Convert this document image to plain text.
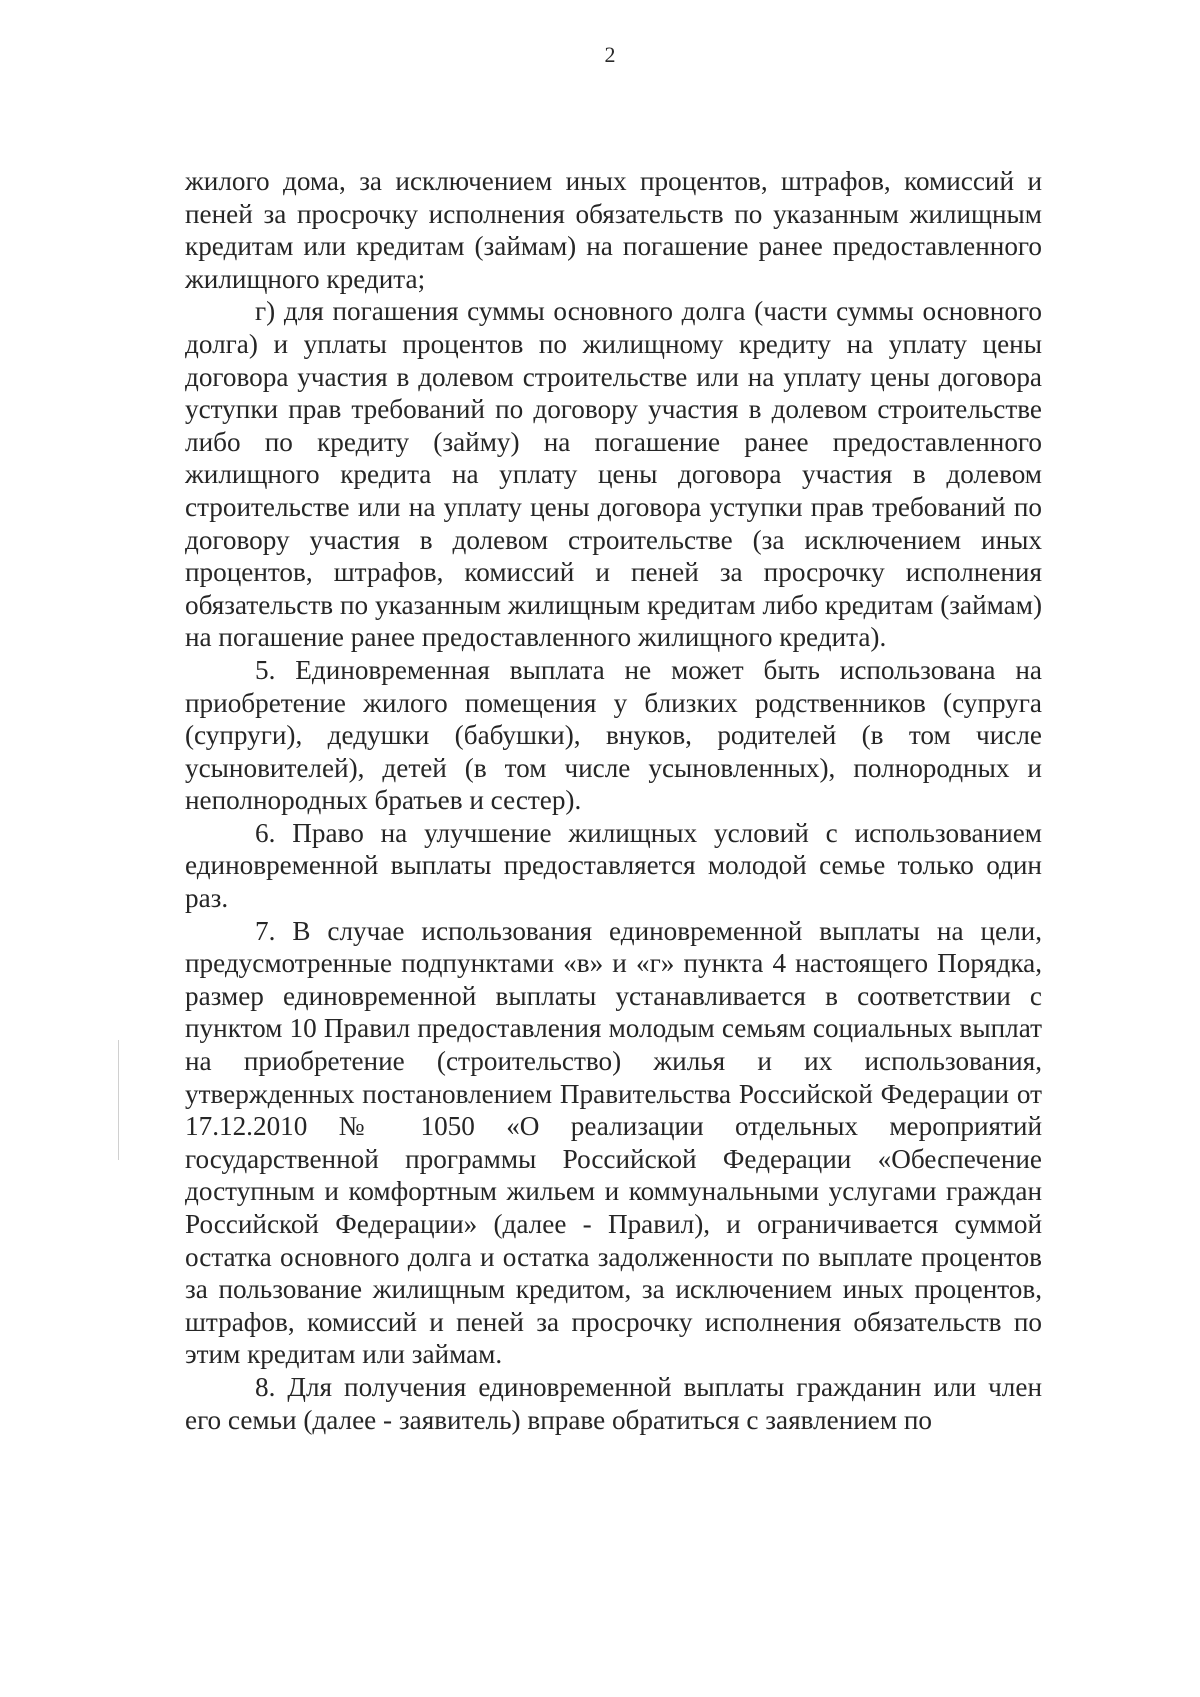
2

жилого дома, за исключением иных процентов, штрафов, комиссий и пеней за просрочку исполнения обязательств по указанным жилищным кредитам или кредитам (займам) на погашение ранее предоставленного жилищного кредита;

г) для погашения суммы основного долга (части суммы основного долга) и уплаты процентов по жилищному кредиту на уплату цены договора участия в долевом строительстве или на уплату цены договора уступки прав требований по договору участия в долевом строительстве либо по кредиту (займу) на погашение ранее предоставленного жилищного кредита на уплату цены договора участия в долевом строительстве или на уплату цены договора уступки прав требований по договору участия в долевом строительстве (за исключением иных процентов, штрафов, комиссий и пеней за просрочку исполнения обязательств по указанным жилищным кредитам либо кредитам (займам) на погашение ранее предоставленного жилищного кредита).

5. Единовременная выплата не может быть использована на приобретение жилого помещения у близких родственников (супруга (супруги), дедушки (бабушки), внуков, родителей (в том числе усыновителей), детей (в том числе усыновленных), полнородных и неполнородных братьев и сестер).

6. Право на улучшение жилищных условий с использованием единовременной выплаты предоставляется молодой семье только один раз.

7. В случае использования единовременной выплаты на цели, предусмотренные подпунктами «в» и «г» пункта 4 настоящего Порядка, размер единовременной выплаты устанавливается в соответствии с пунктом 10 Правил предоставления молодым семьям социальных выплат на приобретение (строительство) жилья и их использования, утвержденных постановлением Правительства Российской Федерации от 17.12.2010 № 1050 «О реализации отдельных мероприятий государственной программы Российской Федерации «Обеспечение доступным и комфортным жильем и коммунальными услугами граждан Российской Федерации» (далее - Правил), и ограничивается суммой остатка основного долга и остатка задолженности по выплате процентов за пользование жилищным кредитом, за исключением иных процентов, штрафов, комиссий и пеней за просрочку исполнения обязательств по этим кредитам или займам.

8. Для получения единовременной выплаты гражданин или член его семьи (далее - заявитель) вправе обратиться с заявлением по
